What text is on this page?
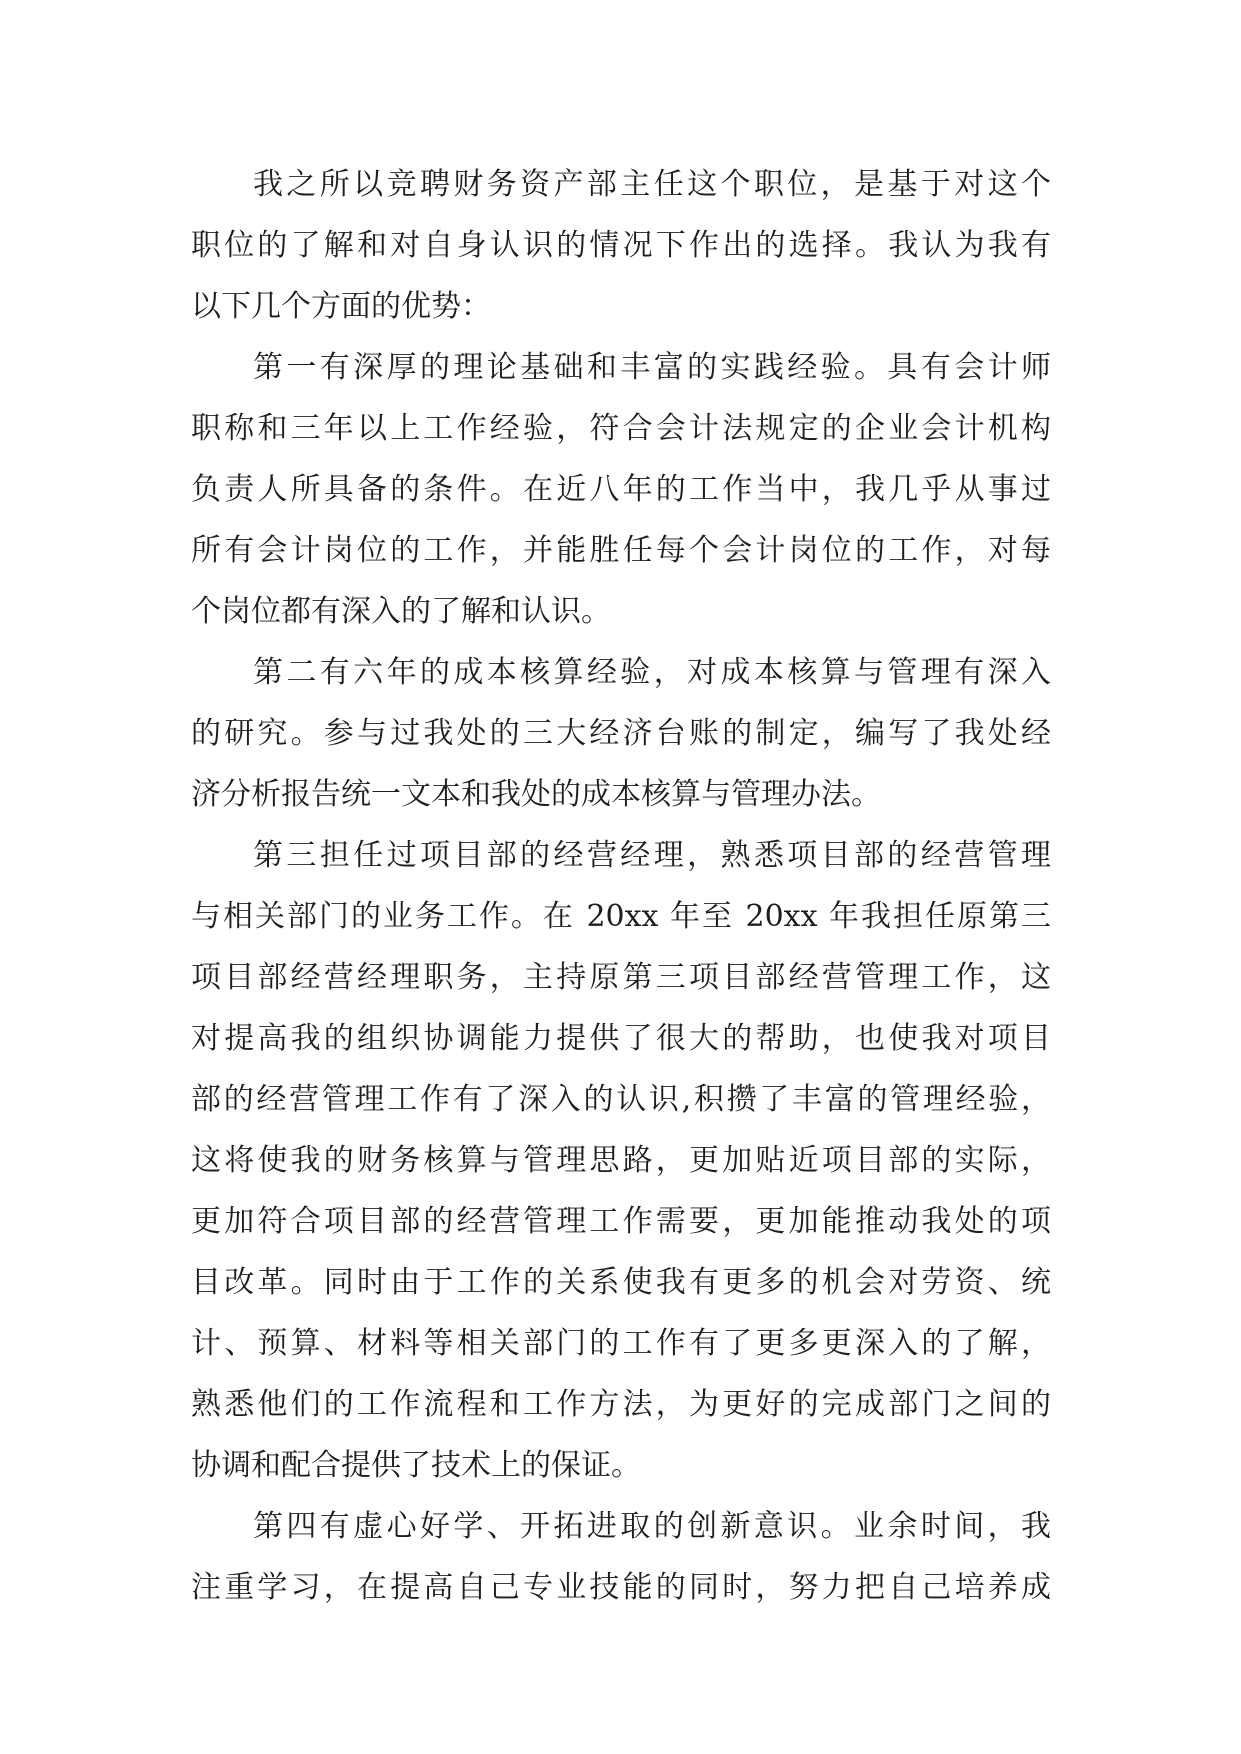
我之所以竞聘财务资产部主任这个职位，是基于对这个
职位的了解和对自身认识的情况下作出的选择。我认为我有
以下几个方面的优势：
第一有深厚的理论基础和丰富的实践经验。具有会计师
职称和三年以上工作经验，符合会计法规定的企业会计机构
负责人所具备的条件。在近八年的工作当中，我几乎从事过
所有会计岗位的工作，并能胜任每个会计岗位的工作，对每
个岗位都有深入的了解和认识。
第二有六年的成本核算经验，对成本核算与管理有深入
的研究。参与过我处的三大经济台账的制定，编写了我处经
济分析报告统一文本和我处的成本核算与管理办法。
第三担任过项目部的经营经理，熟悉项目部的经营管理
与相关部门的业务工作。在 20xx 年至 20xx 年我担任原第三
项目部经营经理职务，主持原第三项目部经营管理工作，这
对提高我的组织协调能力提供了很大的帮助，也使我对项目
部的经营管理工作有了深入的认识,积攒了丰富的管理经验，
这将使我的财务核算与管理思路，更加贴近项目部的实际，
更加符合项目部的经营管理工作需要，更加能推动我处的项
目改革。同时由于工作的关系使我有更多的机会对劳资、统
计、预算、材料等相关部门的工作有了更多更深入的了解，
熟悉他们的工作流程和工作方法，为更好的完成部门之间的
协调和配合提供了技术上的保证。
第四有虚心好学、开拓进取的创新意识。业余时间，我
注重学习，在提高自己专业技能的同时，努力把自己培养成
